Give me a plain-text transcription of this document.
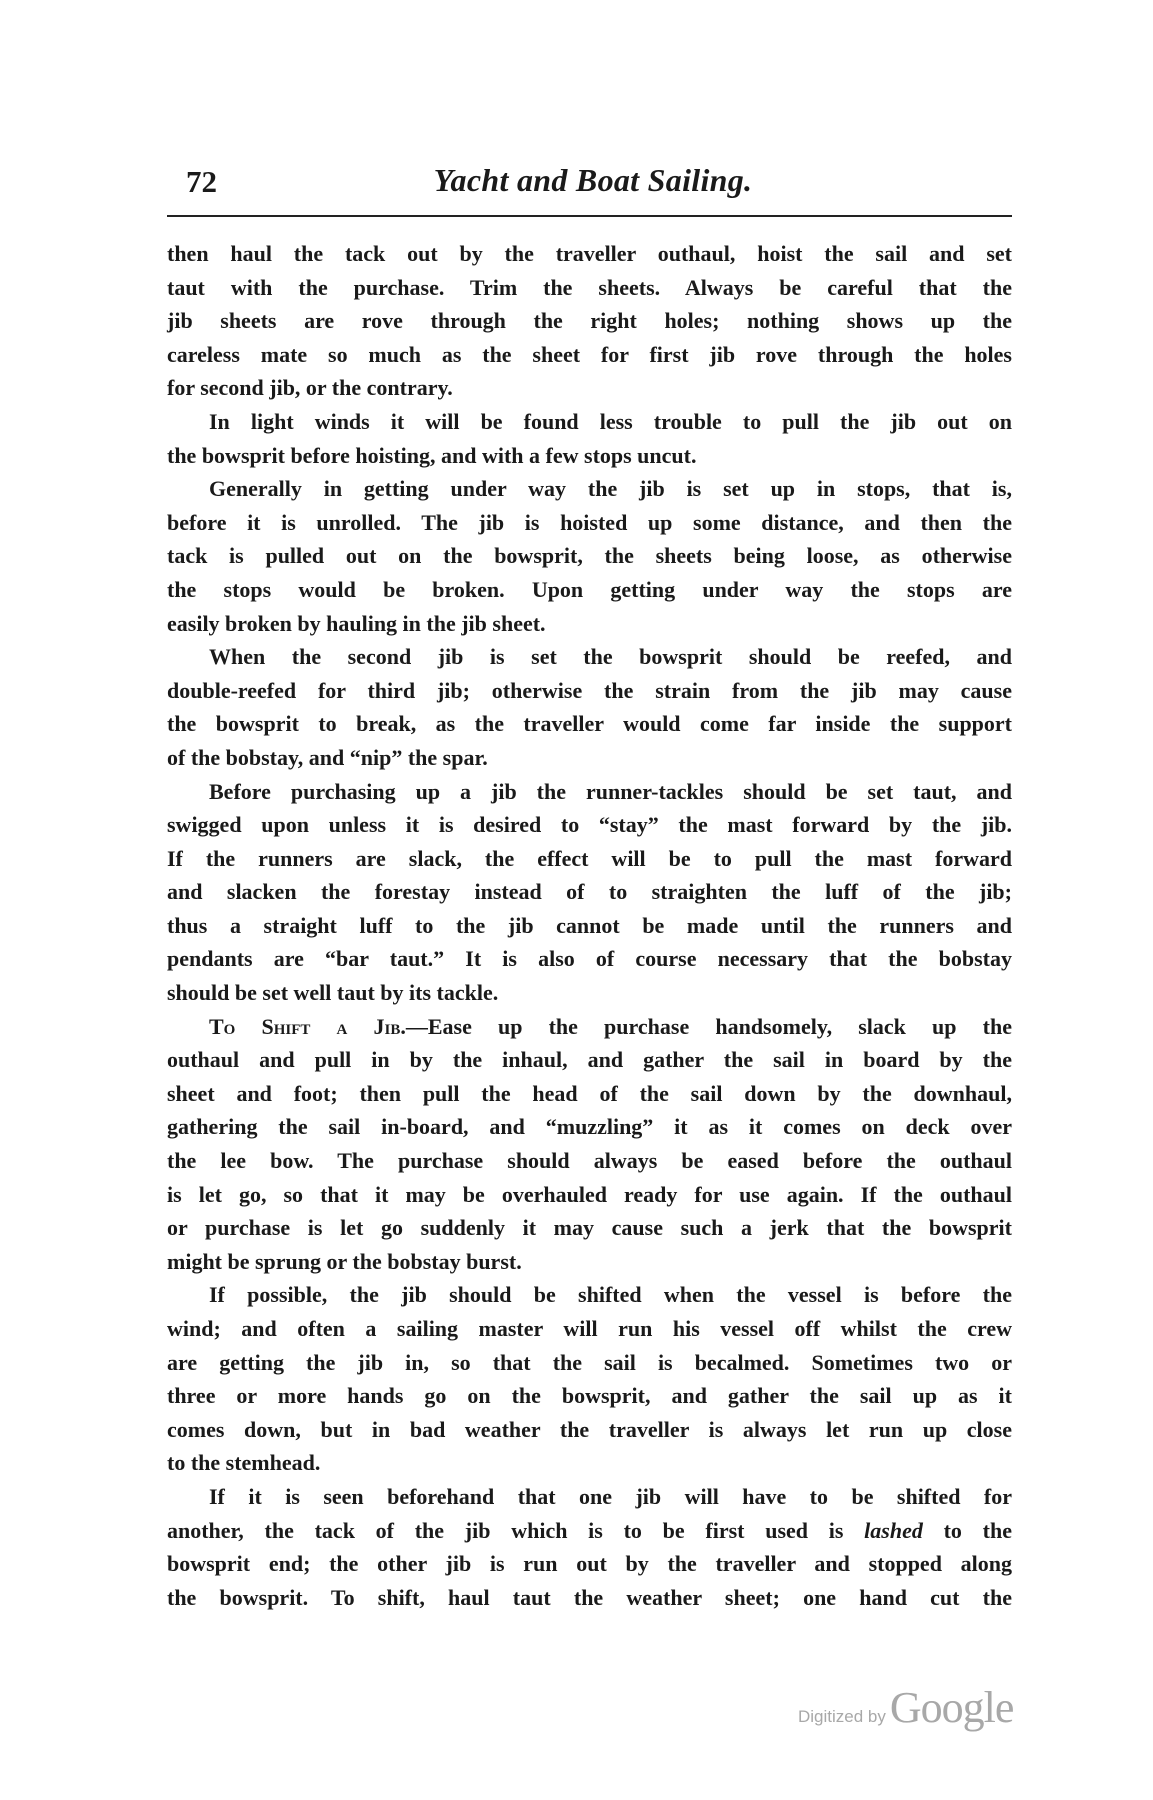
72	Yacht and Boat Sailing.
then haul the tack out by the traveller outhaul, hoist the sail and set
taut with the purchase. Trim the sheets. Always be careful that the
jib sheets are rove through the right holes; nothing shows up the
careless mate so much as the sheet for first jib rove through the holes
for second jib, or the contrary.
In light winds it will be found less trouble to pull the jib out on
the bowsprit before hoisting, and with a few stops uncut.
Generally in getting under way the jib is set up in stops, that is,
before it is unrolled. The jib is hoisted up some distance, and then the
tack is pulled out on the bowsprit, the sheets being loose, as otherwise
the stops would be broken. Upon getting under way the stops are
easily broken by hauling in the jib sheet.
When the second jib is set the bowsprit should be reefed, and
double-reefed for third jib; otherwise the strain from the jib may cause
the bowsprit to break, as the traveller would come far inside the support
of the bobstay, and “nip” the spar.
Before purchasing up a jib the runner-tackles should be set taut, and
swigged upon unless it is desired to “stay” the mast forward by the jib.
If the runners are slack, the effect will be to pull the mast forward
and slacken the forestay instead of to straighten the luff of the jib;
thus a straight luff to the jib cannot be made until the runners and
pendants are “bar taut.” It is also of course necessary that the bobstay
should be set well taut by its tackle.
To Shift a Jib.—Ease up the purchase handsomely, slack up the
outhaul and pull in by the inhaul, and gather the sail in board by the
sheet and foot; then pull the head of the sail down by the downhaul,
gathering the sail in-board, and “muzzling” it as it comes on deck over
the lee bow. The purchase should always be eased before the outhaul
is let go, so that it may be overhauled ready for use again. If the outhaul
or purchase is let go suddenly it may cause such a jerk that the bowsprit
might be sprung or the bobstay burst.
If possible, the jib should be shifted when the vessel is before the
wind; and often a sailing master will run his vessel off whilst the crew
are getting the jib in, so that the sail is becalmed. Sometimes two or
three or more hands go on the bowsprit, and gather the sail up as it
comes down, but in bad weather the traveller is always let run up close
to the stemhead.
If it is seen beforehand that one jib will have to be shifted for
another, the tack of the jib which is to be first used is lashed to the
bowsprit end; the other jib is run out by the traveller and stopped along
the bowsprit. To shift, haul taut the weather sheet; one hand cut the
Digitized by Google
